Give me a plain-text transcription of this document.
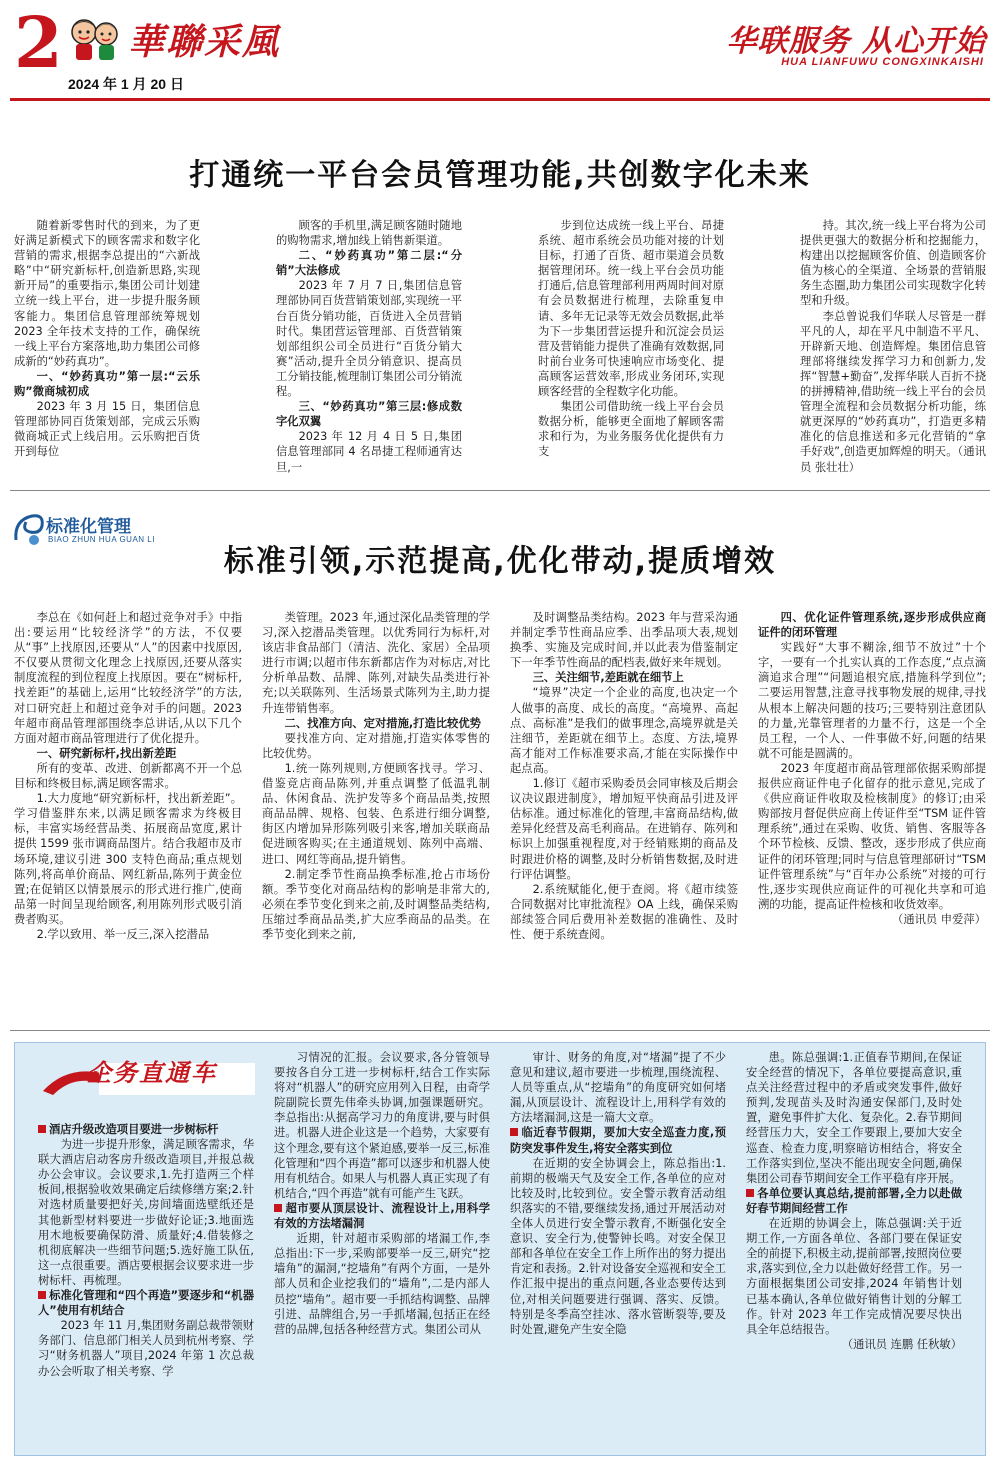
2 華聯采風
2024 年 1 月 20 日
华联服务 从心开始
HUA LIANFUWU CONGXINKAISHI
打通统一平台会员管理功能,共创数字化未来

随着新零售时代的到来，为了更好满足新模式下的顾客需求和数字化营销的需求,根据李总提出的“六新战略”中“研究新标杆,创造新思路,实现新开局”的重要指示,集团公司计划建立统一线上平台，进一步提升服务顾客能力。集团信息管理部统筹规划 2023 全年技术支持的工作，确保统一线上平台方案落地,助力集团公司修成新的“妙药真功”。

一、“妙药真功”第一层:“云乐购”微商城初成

2023 年 3 月 15 日，集团信息管理部协同百货策划部，完成云乐购微商城正式上线启用。云乐购把百货开到每位

顾客的手机里,满足顾客随时随地的购物需求,增加线上销售新渠道。

二、“妙药真功”第二层:“分销”大法修成

2023 年 7 月 7 日,集团信息管理部协同百货营销策划部,实现统一平台百货分销功能，百货进入全员营销时代。集团营运管理部、百货营销策划部组织公司全员进行“百货分销大赛”活动,提升全员分销意识、提高员工分销技能,梳理制订集团公司分销流程。

三、“妙药真功”第三层:修成数字化双翼

2023 年 12 月 4 日 5 日,集团信息管理部同 4 名昂捷工程师通宵达旦,一

步到位达成统一线上平台、昂捷系统、超市系统会员功能对接的计划目标，打通了百货、超市渠道会员数据管理闭环。统一线上平台会员功能打通后,信息管理部利用两周时间对原有会员数据进行梳理，去除重复申请、多年无记录等无效会员数据,此举为下一步集团营运提升和沉淀会员运营及营销能力提供了准确有效数据,同时前台业务可快速响应市场变化、提高顾客运营效率,形成业务闭环,实现顾客经营的全程数字化功能。

集团公司借助统一线上平台会员数据分析，能够更全面地了解顾客需求和行为，为业务服务优化提供有力支

持。其次,统一线上平台将为公司提供更强大的数据分析和挖掘能力，构建出以挖掘顾客价值、创造顾客价值为核心的全渠道、全场景的营销服务生态圈,助力集团公司实现数字化转型和升级。

李总曾说我们华联人尽管是一群平凡的人，却在平凡中制造不平凡、开辟新天地、创造辉煌。集团信息管理部将继续发挥学习力和创新力,发挥“智慧+勤奋”,发挥华联人百折不挠的拼搏精神,借助统一线上平台的会员管理全流程和会员数据分析功能，练就更深厚的“妙药真功”，打造更多精准化的信息推送和多元化营销的“拿手好戏”,创造更加辉煌的明天。（通讯员 张壮壮）

标准化管理
BIAO ZHUN HUA GUAN LI
标准引领,示范提高,优化带动,提质增效

李总在《如何赶上和超过竞争对手》中指出:要运用“比较经济学”的方法，不仅要从“事”上找原因,还要从“人”的因素中找原因,不仅要从贯彻文化理念上找原因,还要从落实制度流程的到位程度上找原因。要在“树标杆,找差距”的基础上,运用“比较经济学”的方法,对口研究赶上和超过竞争对手的问题。2023 年超市商品管理部围绕李总讲话,从以下几个方面对超市商品管理进行了优化提升。

一、研究新标杆,找出新差距

所有的变革、改进、创新都离不开一个总目标和终极目标,满足顾客需求。

1.大力度地“研究新标杆，找出新差距”。学习借鉴胖东来,以满足顾客需求为终极目标，丰富实场经营品类、拓展商品宽度,累计提供 1599 张市调商品图片。结合我超市及市场环境,建议引进 300 支特色商品;重点规划陈列,将高单价商品、网红新品,陈列于黄金位置;在促销区以情景展示的形式进行推广,使商品第一时间呈现给顾客,利用陈列形式吸引消费者购买。

2.学以致用、举一反三,深入挖潜品

类管理。2023 年,通过深化品类管理的学习,深入挖潜品类管理。以优秀同行为标杆,对该店非食品部门（清洁、洗化、家居）全品项进行市调;以超市伟东新都店作为对标店,对比分析单品数、品牌、陈列,对缺失品类进行补充;以关联陈列、生活场景式陈列为主,助力提升连带销售率。

二、找准方向、定对措施,打造比较优势

要找准方向、定对措施,打造实体零售的比较优势。

1.统一陈列规则,方便顾客找寻。学习、借鉴竞店商品陈列,并重点调整了低温乳制品、休闲食品、洗护发等多个商品品类,按照商品品牌、规格、包装、色系进行细分调整,街区内增加异形陈列吸引来客,增加关联商品促进顾客购买;在主通道规划、陈列中高端、进口、网红等商品,提升销售。

2.制定季节性商品换季标准,抢占市场份额。季节变化对商品结构的影响是非常大的,必须在季节变化到来之前,及时调整品类结构,压缩过季商品品类,扩大应季商品的品类。在季节变化到来之前,

及时调整品类结构。2023 年与营采沟通并制定季节性商品应季、出季品项大表,规划换季、实施及完成时间,并以此表为借鉴制定下一年季节性商品的配档表,做好来年规划。

三、关注细节,差距就在细节上

“境界”决定一个企业的高度,也决定一个人做事的高度、成长的高度。“高境界、高起点、高标准”是我们的做事理念,高境界就是关注细节，差距就在细节上。态度、方法,境界高才能对工作标准要求高,才能在实际操作中起点高。

1.修订《超市采购委员会同审核及后期会议决议跟进制度》，增加短平快商品引进及评估标准。通过标准化的管理,丰富商品结构,做差异化经营及高毛利商品。在进销存、陈列和标识上加强重视程度,对于经销账期的商品及时跟进价格的调整,及时分析销售数据,及时进行评估调整。

2.系统赋能化,便于查阅。将《超市续签合同数据对比审批流程》OA 上线，确保采购部续签合同后费用补差数据的准确性、及时性、便于系统查阅。

四、优化证件管理系统,逐步形成供应商证件的闭环管理

实践好“大事不糊涂,细节不放过”十个字，一要有一个扎实认真的工作态度,“点点滴滴追求合理”“问题追根究底,措施科学到位”;二要运用智慧,注意寻找事物发展的规律,寻找从根本上解决问题的技巧;三要特别注意团队的力量,光靠管理者的力量不行，这是一个全员工程，一个人、一件事做不好,问题的结果就不可能是圆满的。

2023 年度超市商品管理部依据采购部提报供应商证件电子化留存的批示意见,完成了《供应商证件收取及检核制度》的修订;由采购部按月督促供应商上传证件至“TSM 证件管理系统”,通过在采购、收货、销售、客服等各个环节检核、反馈、整改，逐步形成了供应商证件的闭环管理;同时与信息管理部研讨“TSM 证件管理系统”与“百年办公系统”对接的可行性,逐步实现供应商证件的可视化共享和可追溯的功能，提高证件检核和收货效率。

（通讯员 申爱萍）

企务直通车

酒店升级改造项目要进一步树标杆

为进一步提升形象，满足顾客需求，华联大酒店启动客房升级改造项目,并报总裁办公会审议。会议要求,1.先打造两三个样板间,根据验收效果确定后续修缮方案;2.针对选材质量要把好关,房间墙面选壁纸还是其他新型材料要进一步做好论证;3.地面选用木地板要确保防滑、质量好;4.借装修之机彻底解决一些细节问题;5.选好施工队伍,这一点很重要。酒店要根据会议要求进一步树标杆、再梳理。

标准化管理和“四个再造”要逐步和“机器人”使用有机结合

2023 年 11 月,集团财务副总裁带领财务部门、信息部门相关人员到杭州考察、学习“财务机器人”项目,2024 年第 1 次总裁办公会听取了相关考察、学

习情况的汇报。会议要求,各分管领导要按各自分工进一步树标杆,结合工作实际将对“机器人”的研究应用列入日程，由奇学院副院长贾先伟牵头协调,加强课题研究。李总指出:从据高学习力的角度讲,要与时俱进。机器人进企业这是一个趋势，大家要有这个理念,要有这个紧迫感,要举一反三,标准化管理和“四个再造”都可以逐步和机器人使用有机结合。如果人与机器人真正实现了有机结合,“四个再造”就有可能产生飞跃。

超市要从顶层设计、流程设计上,用科学有效的方法堵漏洞

近期，针对超市采购部的堵漏工作,李总指出:下一步,采购部要举一反三,研究“挖墙角”的漏洞,“挖墙角”有两个方面，一是外部人员和企业挖我们的“墙角”,二是内部人员挖“墙角”。超市要一手抓结构调整、品牌引进、品牌组合,另一手抓堵漏,包括正在经营的品牌,包括各种经营方式。集团公司从

审计、财务的角度,对“堵漏”提了不少意见和建议,超市要进一步梳理,围绕流程、人员等重点,从“挖墙角”的角度研究如何堵漏,从顶层设计、流程设计上,用科学有效的方法堵漏洞,这是一篇大文章。

临近春节假期，要加大安全巡查力度,预防突发事件发生,将安全落实到位

在近期的安全协调会上，陈总指出:1.前期的极端天气及安全工作,各单位的应对比较及时,比较到位。安全警示教育活动组织落实的不错,要继续发扬,通过开展活动对全体人员进行安全警示教育,不断强化安全意识、安全行为,使警钟长鸣。对安全保卫部和各单位在安全工作上所作出的努力提出肯定和表扬。2.针对设备安全巡视和安全工作汇报中提出的重点问题,各业态要传达到位,对相关问题要进行强调、落实、反馈。特别是冬季高空挂冰、落水管断裂等,要及时处置,避免产生安全隐

患。陈总强调:1.正值春节期间,在保证安全经营的情况下，各单位要提高意识,重点关注经营过程中的矛盾或突发事件,做好预判,发现苗头及时沟通安保部门,及时处置，避免事件扩大化、复杂化。2.春节期间经营压力大，安全工作要跟上,要加大安全巡查、检查力度,明察暗访相结合，将安全工作落实到位,坚决不能出现安全问题,确保集团公司春节期间安全工作平稳有序开展。

各单位要认真总结,提前部署,全力以赴做好春节期间经营工作

在近期的协调会上，陈总强调:关于近期工作,一方面各单位、各部门要在保证安全的前提下,积极主动,提前部署,按照岗位要求,落实到位,全力以赴做好经营工作。另一方面根据集团公司安排,2024 年销售计划已基本确认,各单位做好销售计划的分解工作。针对 2023 年工作完成情况要尽快出具全年总结报告。

（通讯员 连鹏 任秋敏）
